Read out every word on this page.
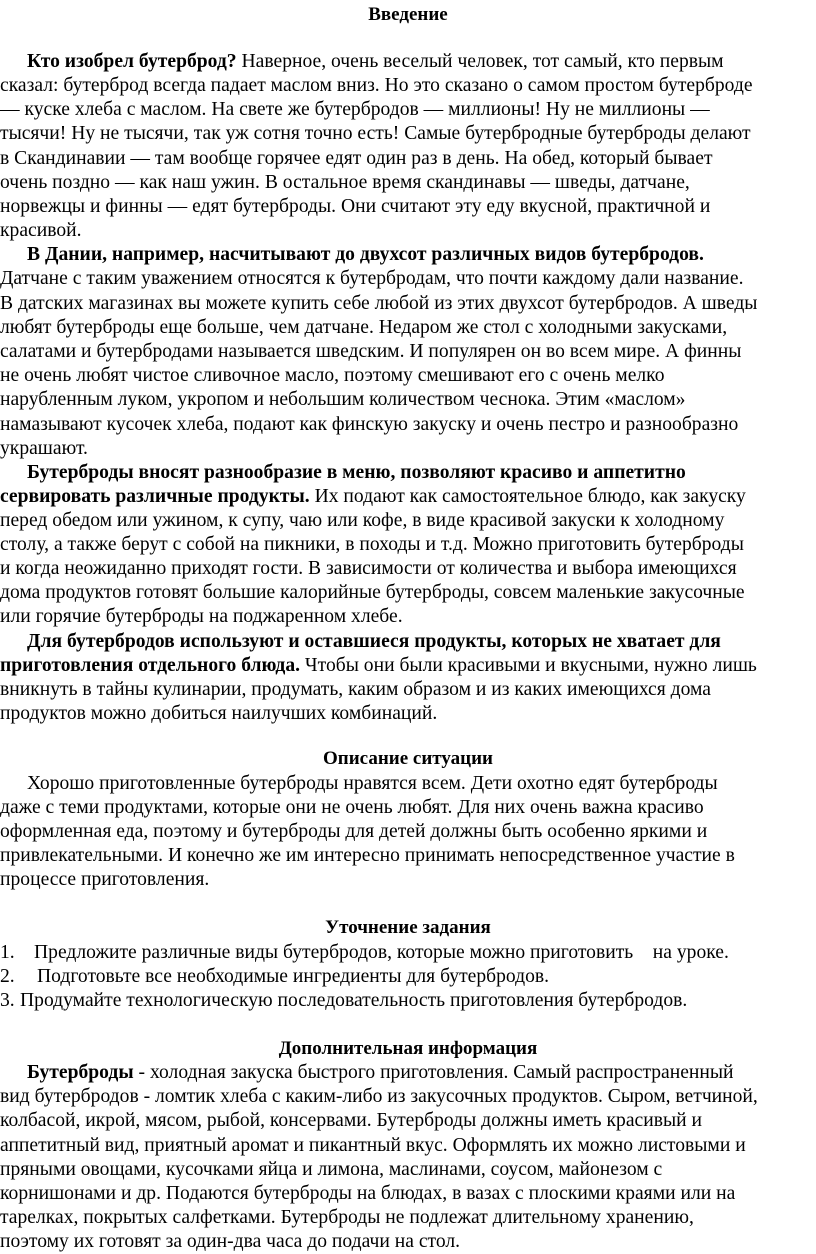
Введение
Кто изобрел бутерброд? Наверное, очень веселый человек, тот самый, кто первым
сказал: бутерброд всегда падает маслом вниз. Но это сказано о самом простом бутерброде
— куске хлеба с маслом. На свете же бутербродов — миллионы! Ну не миллионы —
тысячи! Ну не тысячи, так уж сотня точно есть! Самые бутербродные бутерброды делают
в Скандинавии — там вообще горячее едят один раз в день. На обед, который бывает
очень поздно — как наш ужин. В остальное время скандинавы — шведы, датчане,
норвежцы и финны — едят бутерброды. Они считают эту еду вкусной, практичной и
красивой.
В Дании, например, насчитывают до двухсот различных видов бутербродов.
Датчане с таким уважением относятся к бутербродам, что почти каждому дали название.
В датских магазинах вы можете купить себе любой из этих двухсот бутербродов. А шведы
любят бутерброды еще больше, чем датчане. Недаром же стол с холодными закусками,
салатами и бутербродами называется шведским. И популярен он во всем мире. А финны
не очень любят чистое сливочное масло, поэтому смешивают его с очень мелко
нарубленным луком, укропом и небольшим количеством чеснока. Этим «маслом»
намазывают кусочек хлеба, подают как финскую закуску и очень пестро и разнообразно
украшают.
Бутерброды вносят разнообразие в меню, позволяют красиво и аппетитно
сервировать различные продукты. Их подают как самостоятельное блюдо, как закуску
перед обедом или ужином, к супу, чаю или кофе, в виде красивой закуски к холодному
столу, а также берут с собой на пикники, в походы и т.д. Можно приготовить бутерброды
и когда неожиданно приходят гости. В зависимости от количества и выбора имеющихся
дома продуктов готовят большие калорийные бутерброды, совсем маленькие закусочные
или горячие бутерброды на поджаренном хлебе.
Для бутербродов используют и оставшиеся продукты, которых не хватает для
приготовления отдельного блюда. Чтобы они были красивыми и вкусными, нужно лишь
вникнуть в тайны кулинарии, продумать, каким образом и из каких имеющихся дома
продуктов можно добиться наилучших комбинаций.
Описание ситуации
Хорошо приготовленные бутерброды нравятся всем. Дети охотно едят бутерброды
даже с теми продуктами, которые они не очень любят. Для них очень важна красиво
оформленная еда, поэтому и бутерброды для детей должны быть особенно яркими и
привлекательными. И конечно же им интересно принимать непосредственное участие в
процессе приготовления.
Уточнение задания
1. Предложите различные виды бутербродов, которые можно приготовить    на уроке.
2. Подготовьте все необходимые ингредиенты для бутербродов.
3. Продумайте технологическую последовательность приготовления бутербродов.
Дополнительная информация
Бутерброды - холодная закуска быстрого приготовления. Самый распространенный
вид бутербродов - ломтик хлеба с каким-либо из закусочных продуктов. Сыром, ветчиной,
колбасой, икрой, мясом, рыбой, консервами. Бутерброды должны иметь красивый и
аппетитный вид, приятный аромат и пикантный вкус. Оформлять их можно листовыми и
пряными овощами, кусочками яйца и лимона, маслинами, соусом, майонезом с
корнишонами и др. Подаются бутерброды на блюдах, в вазах с плоскими краями или на
тарелках, покрытых салфетками. Бутерброды не подлежат длительному хранению,
поэтому их готовят за один-два часа до подачи на стол.
